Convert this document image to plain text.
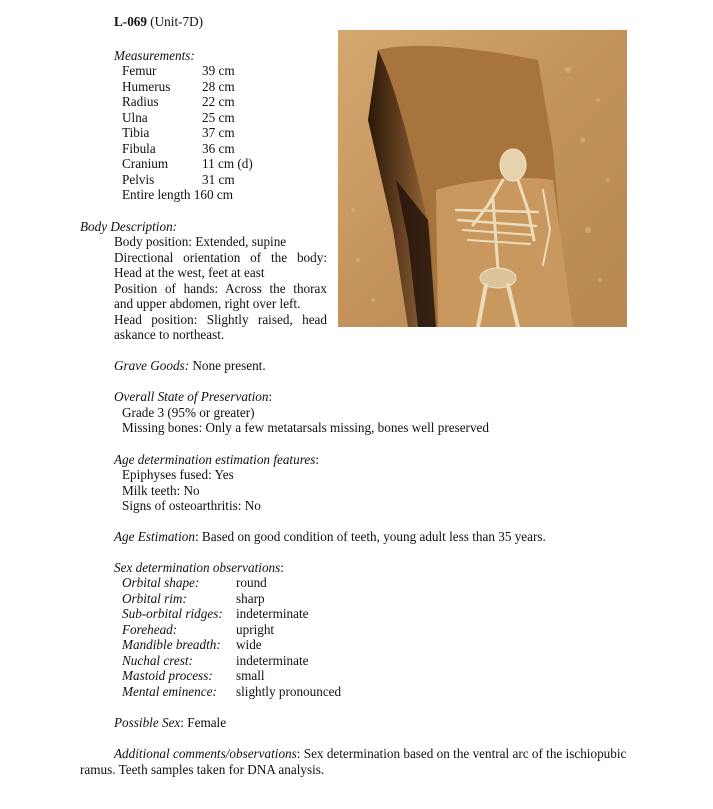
L-069 (Unit-7D)
Measurements:
Femur	39 cm
Humerus	28 cm
Radius	22 cm
Ulna	25 cm
Tibia	37 cm
Fibula	36 cm
Cranium	11 cm (d)
Pelvis	31 cm
Entire length 160 cm
Body Description:
Body position: Extended, supine
Directional orientation of the body:
Head at the west, feet at east
Position of hands: Across the thorax
and upper abdomen, right over left.
Head position: Slightly raised, head
askance to northeast.
Grave Goods: None present.
Overall State of Preservation:
Grade 3 (95% or greater)
Missing bones: Only a few metatarsals missing, bones well preserved
Age determination estimation features:
Epiphyses fused: Yes
Milk teeth: No
Signs of osteoarthritis: No
Age Estimation: Based on good condition of teeth, young adult less than 35 years.
Sex determination observations:
Orbital shape:	round
Orbital rim:	sharp
Sub-orbital ridges:	indeterminate
Forehead:	upright
Mandible breadth:	wide
Nuchal crest:	indeterminate
Mastoid process:	small
Mental eminence:	slightly pronounced
Possible Sex: Female
Additional comments/observations: Sex determination based on the ventral arc of the ischiopubic ramus. Teeth samples taken for DNA analysis.
